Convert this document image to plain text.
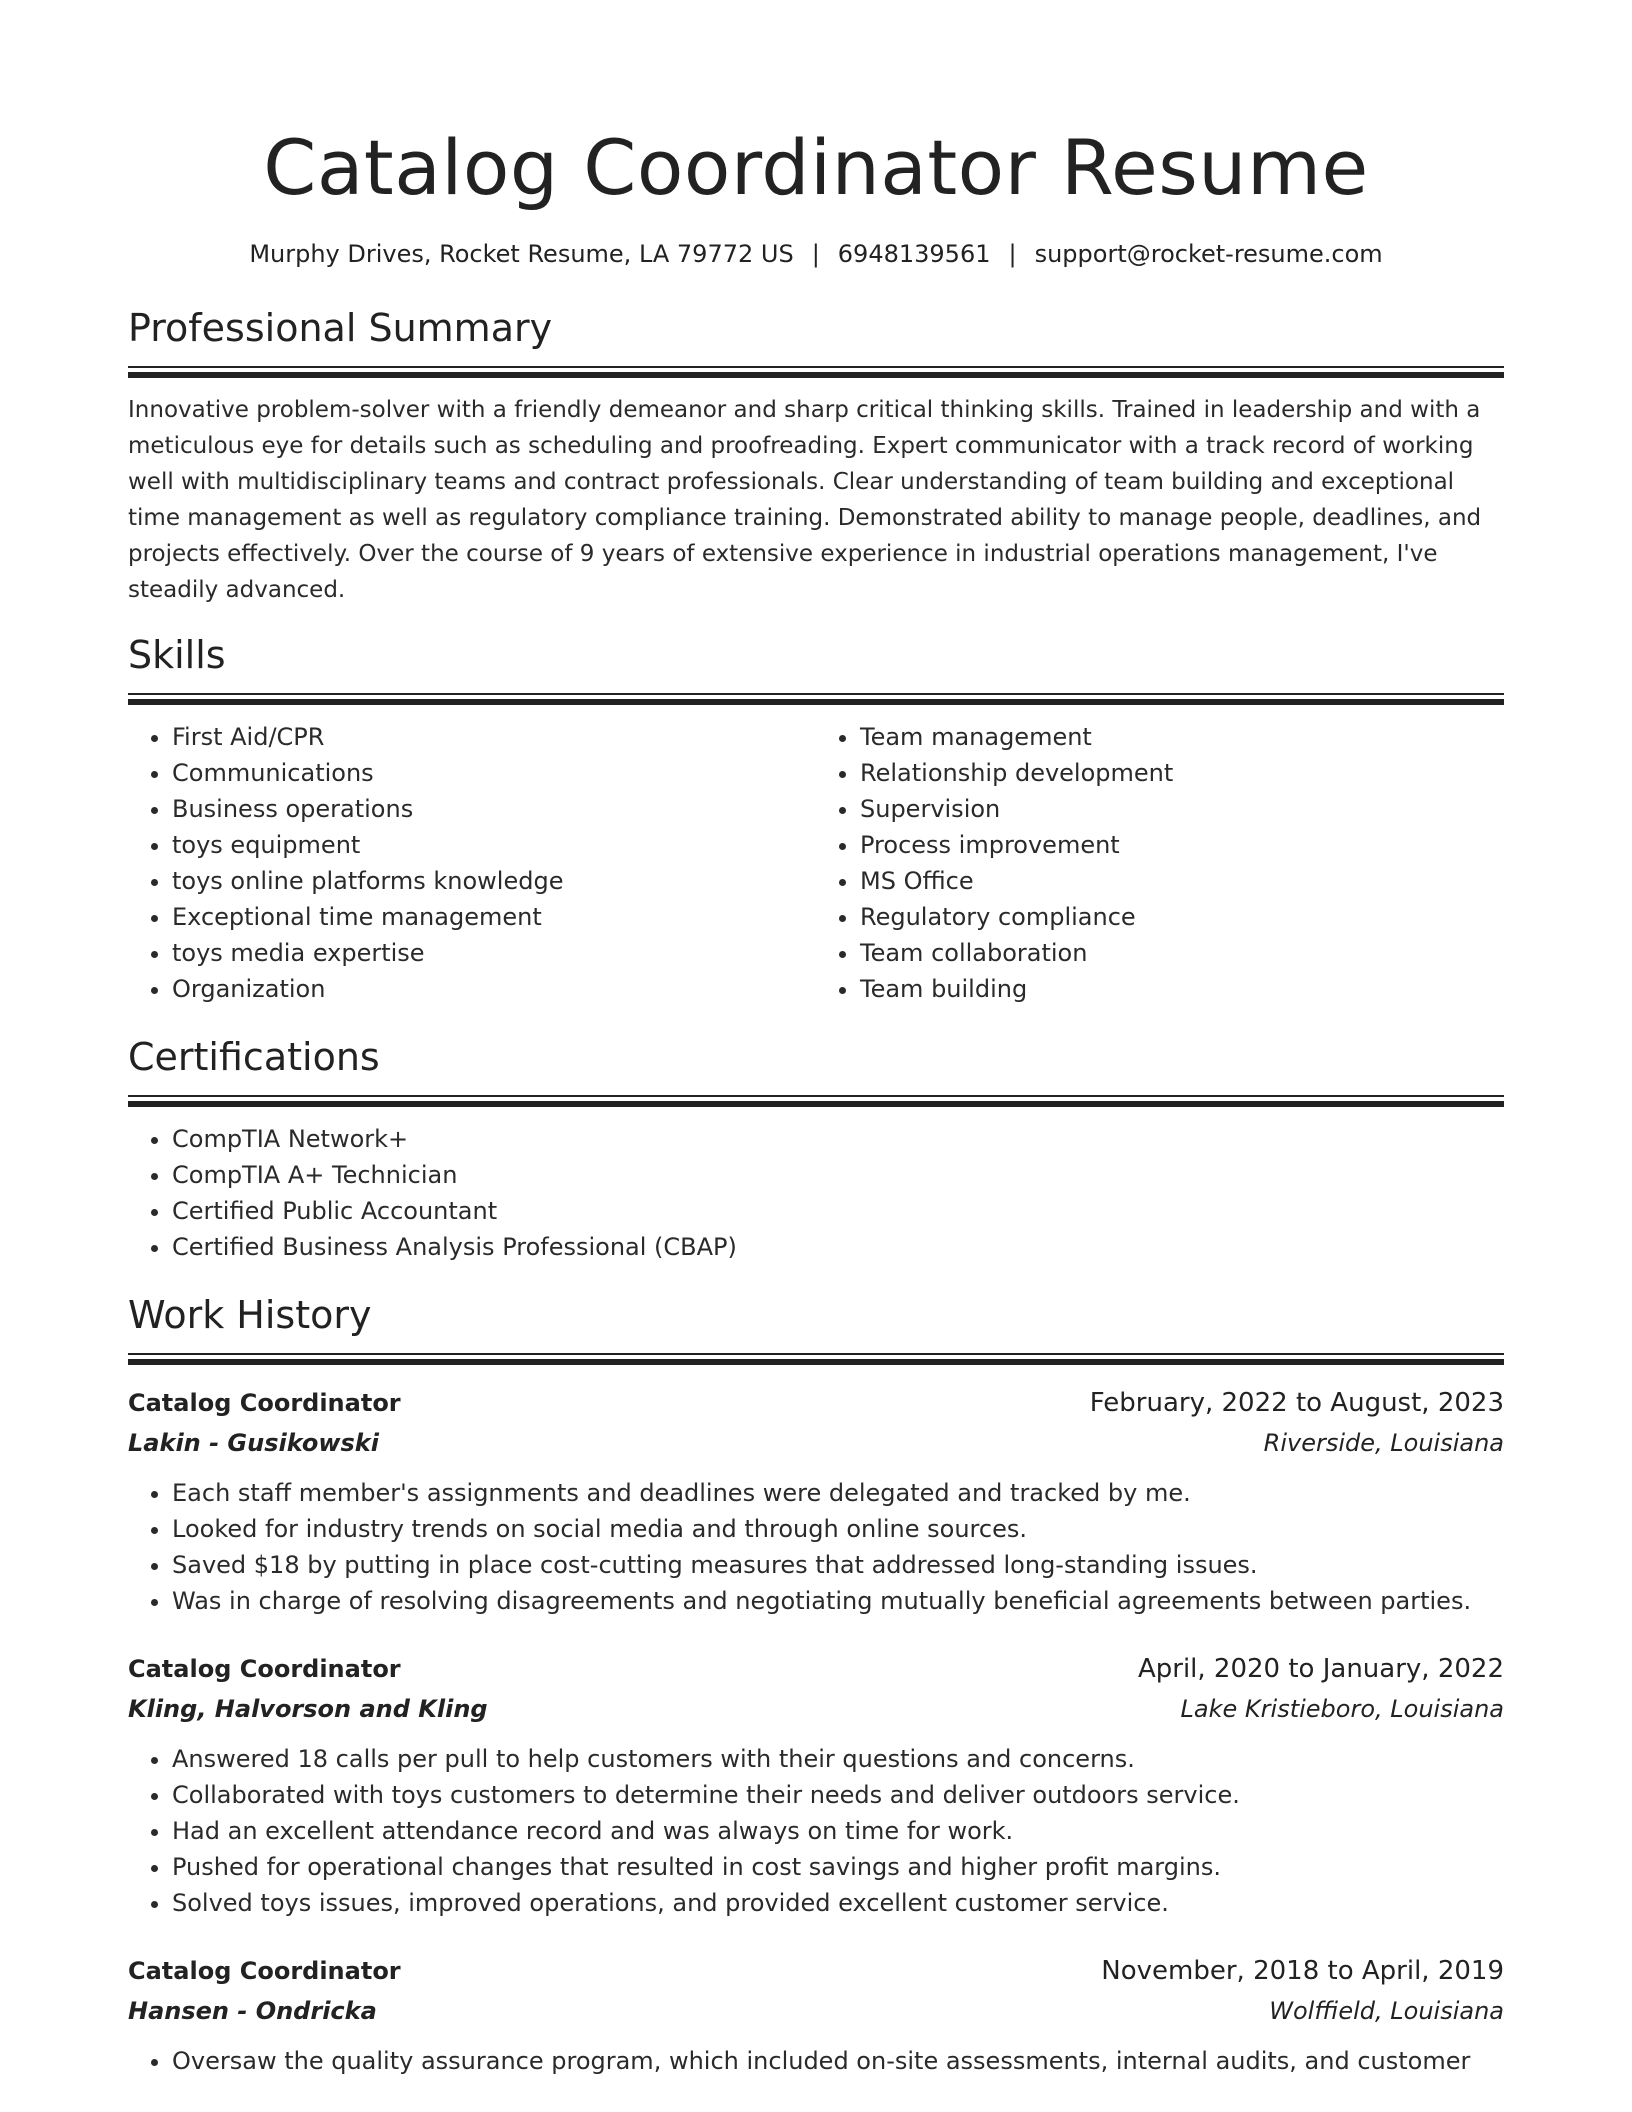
Catalog Coordinator Resume
Murphy Drives, Rocket Resume, LA 79772 US | 6948139561 | support@rocket-resume.com
Professional Summary

Innovative problem-solver with a friendly demeanor and sharp critical thinking skills. Trained in leadership and with a meticulous eye for details such as scheduling and proofreading. Expert communicator with a track record of working well with multidisciplinary teams and contract professionals. Clear understanding of team building and exceptional time management as well as regulatory compliance training. Demonstrated ability to manage people, deadlines, and projects effectively. Over the course of 9 years of extensive experience in industrial operations management, I've steadily advanced.

Skills
• First Aid/CPR
• Communications
• Business operations
• toys equipment
• toys online platforms knowledge
• Exceptional time management
• toys media expertise
• Organization
• Team management
• Relationship development
• Supervision
• Process improvement
• MS Office
• Regulatory compliance
• Team collaboration
• Team building
Certifications
• CompTIA Network+
• CompTIA A+ Technician
• Certified Public Accountant
• Certified Business Analysis Professional (CBAP)
Work History
Catalog Coordinator	February, 2022 to August, 2023
Lakin - Gusikowski	Riverside, Louisiana
• Each staff member's assignments and deadlines were delegated and tracked by me.
• Looked for industry trends on social media and through online sources.
• Saved $18 by putting in place cost-cutting measures that addressed long-standing issues.
• Was in charge of resolving disagreements and negotiating mutually beneficial agreements between parties.
Catalog Coordinator	April, 2020 to January, 2022
Kling, Halvorson and Kling	Lake Kristieboro, Louisiana
• Answered 18 calls per pull to help customers with their questions and concerns.
• Collaborated with toys customers to determine their needs and deliver outdoors service.
• Had an excellent attendance record and was always on time for work.
• Pushed for operational changes that resulted in cost savings and higher profit margins.
• Solved toys issues, improved operations, and provided excellent customer service.
Catalog Coordinator	November, 2018 to April, 2019
Hansen - Ondricka	Wolffield, Louisiana
• Oversaw the quality assurance program, which included on-site assessments, internal audits, and customer
